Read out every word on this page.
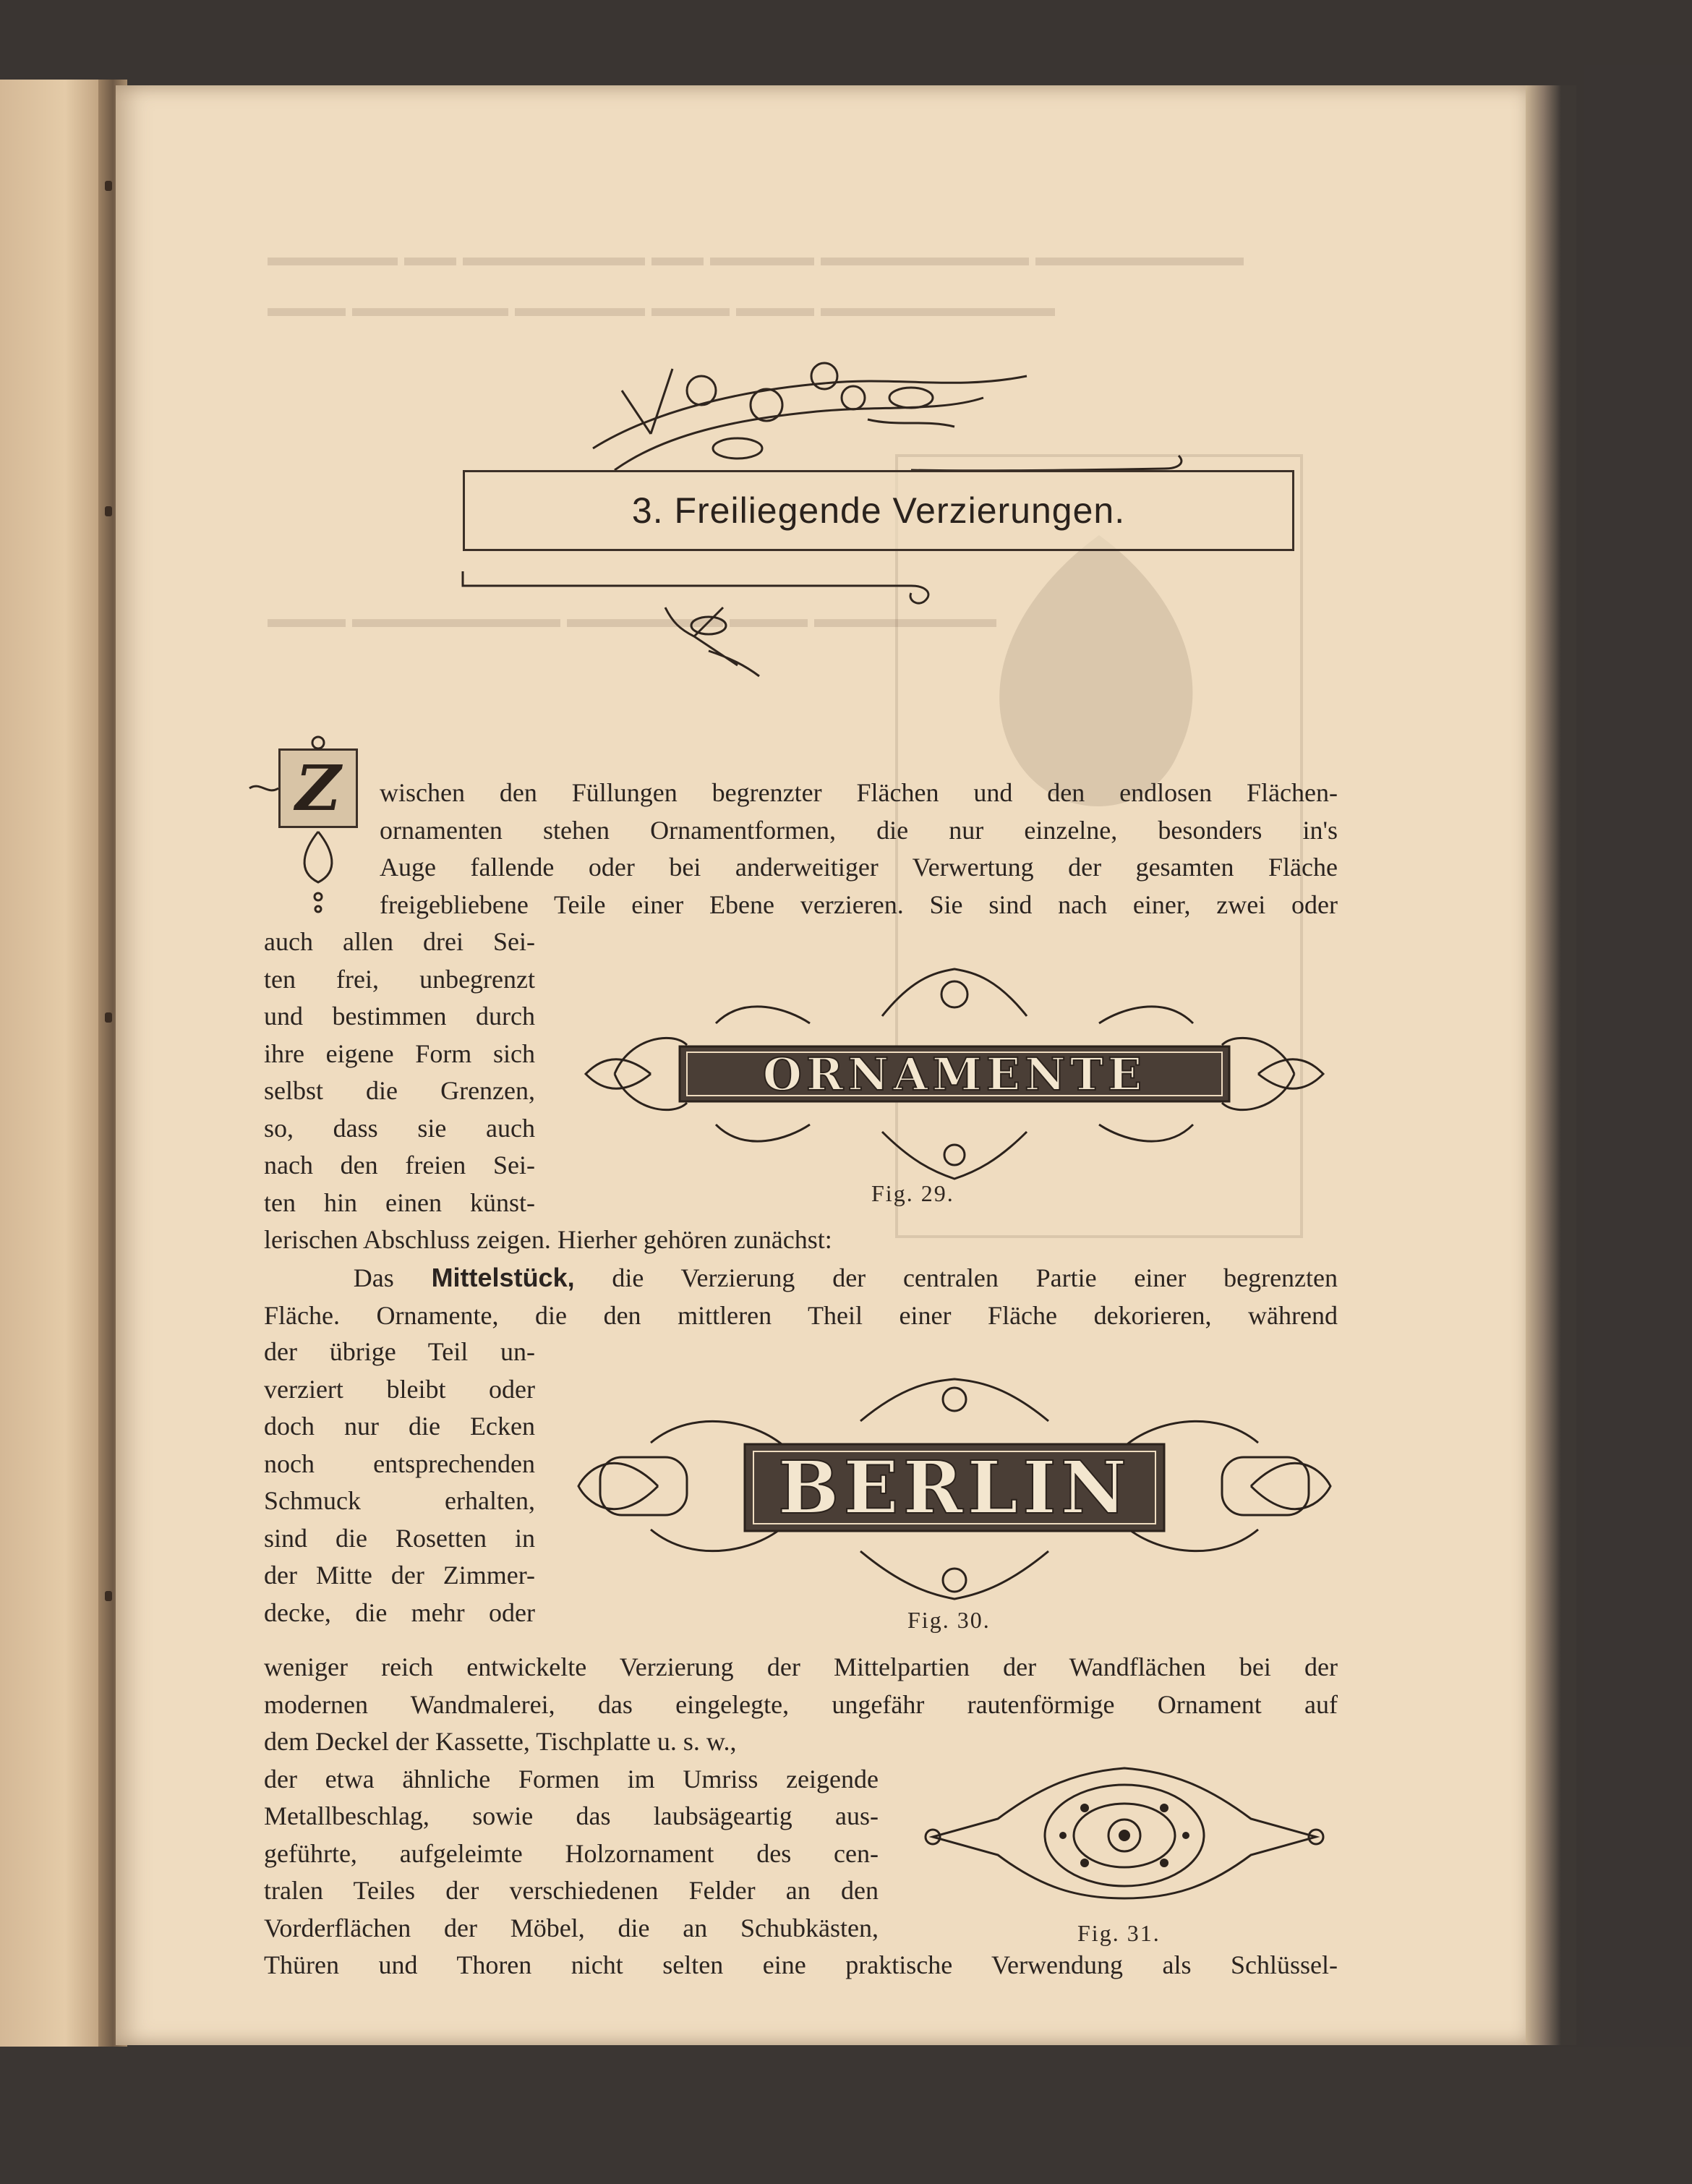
▬▬▬▬▬ ▬▬ ▬▬▬▬▬▬▬ ▬▬ ▬▬▬▬ ▬▬▬▬▬▬▬▬ ▬▬▬▬▬▬▬▬
▬▬▬ ▬▬▬▬▬▬ ▬▬▬▬▬ ▬▬▬ ▬▬▬ ▬▬▬▬▬▬▬▬▬
▬▬▬ ▬▬▬▬▬▬▬▬ ▬▬▬▬▬▬ ▬▬▬ ▬▬▬▬▬▬▬
3. Freiliegende Verzierungen.
Z wischen den Füllungen begrenzter Flächen und den endlosen Flächen-
ornamenten stehen Ornamentformen, die nur einzelne, besonders in's
Auge fallende oder bei anderweitiger Verwertung der gesamten Fläche
freigebliebene Teile einer Ebene verzieren. Sie sind nach einer, zwei oder
auch allen drei Sei-
ten frei, unbegrenzt
und bestimmen durch
ihre eigene Form sich
selbst die Grenzen,
so, dass sie auch
nach den freien Sei-
ten hin einen künst-
lerischen Abschluss zeigen. Hierher gehören zunächst:
ORNAMENTE
Fig. 29.
   Das Mittelstück, die Verzierung der centralen Partie einer begrenzten
Fläche. Ornamente, die den mittleren Theil einer Fläche dekorieren, während
der übrige Teil un-
verziert bleibt oder
doch nur die Ecken
noch entsprechenden
Schmuck erhalten,
sind die Rosetten in
der Mitte der Zimmer-
decke, die mehr oder
BERLIN
Fig. 30.
weniger reich entwickelte Verzierung der Mittelpartien der Wandflächen bei der
modernen Wandmalerei, das eingelegte, ungefähr rautenförmige Ornament auf
dem Deckel der Kassette, Tischplatte u. s. w.,
der etwa ähnliche Formen im Umriss zeigende
Metallbeschlag, sowie das laubsägeartig aus-
geführte, aufgeleimte Holzornament des cen-
tralen Teiles der verschiedenen Felder an den
Vorderflächen der Möbel, die an Schubkästen,	Fig. 31.
Thüren und Thoren nicht selten eine praktische Verwendung als Schlüssel-
